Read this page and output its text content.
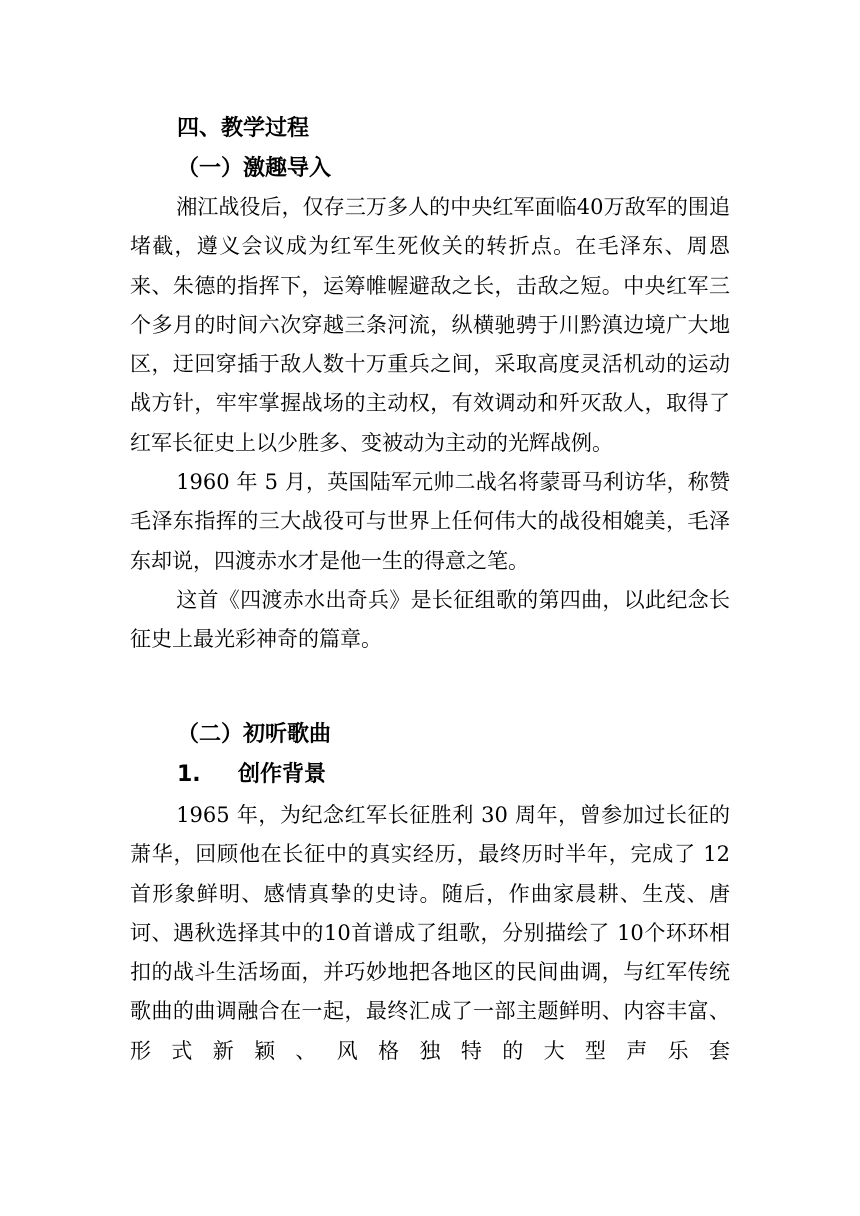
四、教学过程
（一）激趣导入

湘江战役后，仅存三万多人的中央红军面临40万敌军的围追堵截，遵义会议成为红军生死攸关的转折点。在毛泽东、周恩来、朱德的指挥下，运筹帷幄避敌之长，击敌之短。中央红军三个多月的时间六次穿越三条河流，纵横驰骋于川黔滇边境广大地区，迂回穿插于敌人数十万重兵之间，采取高度灵活机动的运动战方针，牢牢掌握战场的主动权，有效调动和歼灭敌人，取得了红军长征史上以少胜多、变被动为主动的光辉战例。

1960 年 5 月，英国陆军元帅二战名将蒙哥马利访华，称赞毛泽东指挥的三大战役可与世界上任何伟大的战役相媲美，毛泽东却说，四渡赤水才是他一生的得意之笔。

这首《四渡赤水出奇兵》是长征组歌的第四曲，以此纪念长征史上最光彩神奇的篇章。

（二）初听歌曲
1. 创作背景

1965 年，为纪念红军长征胜利 30 周年，曾参加过长征的萧华，回顾他在长征中的真实经历，最终历时半年，完成了 12 首形象鲜明、感情真挚的史诗。随后，作曲家晨耕、生茂、唐诃、遇秋选择其中的10首谱成了组歌，分别描绘了 10个环环相扣的战斗生活场面，并巧妙地把各地区的民间曲调，与红军传统歌曲的曲调融合在一起，最终汇成了一部主题鲜明、内容丰富、形式新颖、风格独特的大型声乐套
